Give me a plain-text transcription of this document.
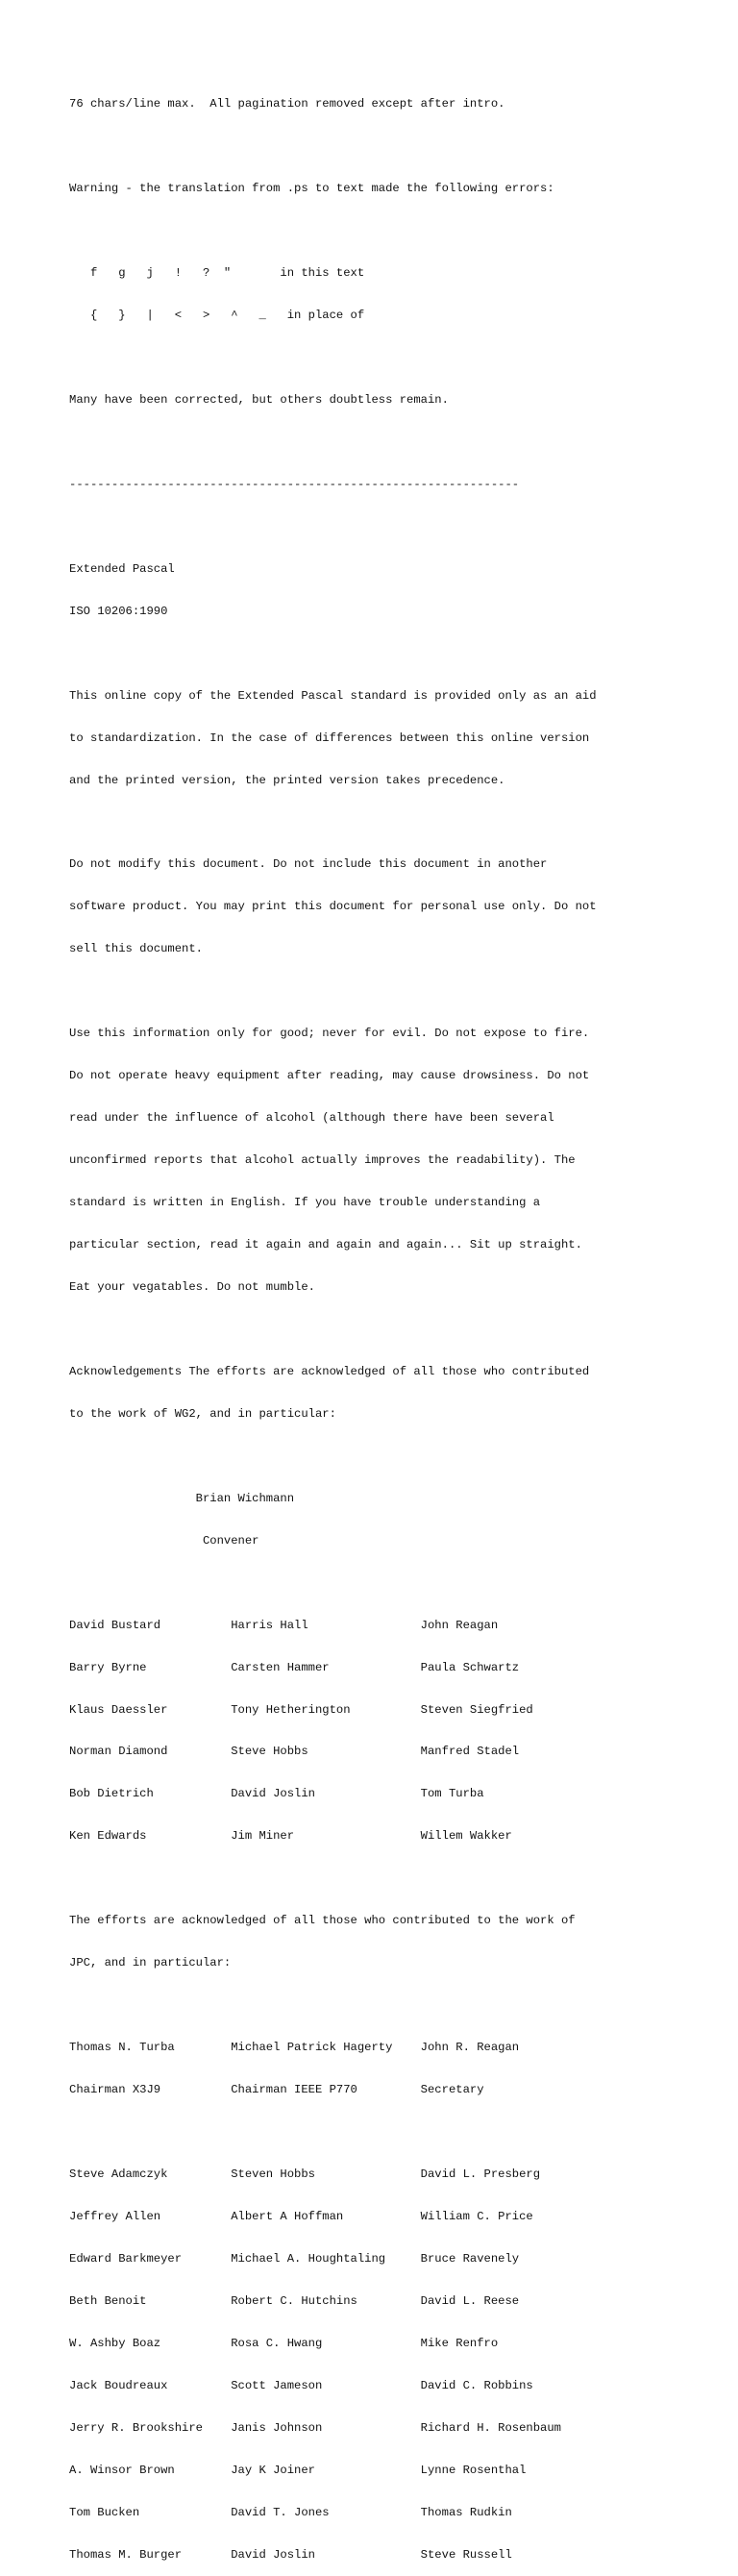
76 chars/line max.  All pagination removed except after intro.

Warning - the translation from .ps to text made the following errors:

f   g   j   !   ?  "       in this text

{   }   |   <   >   ^   _   in place of

Many have been corrected, but others doubtless remain.

----------------------------------------------------------------

Extended Pascal

ISO 10206:1990

This online copy of the Extended Pascal standard is provided only as an aid

to standardization. In the case of differences between this online version

and the printed version, the printed version takes precedence.

Do not modify this document. Do not include this document in another

software product. You may print this document for personal use only. Do not

sell this document.

Use this information only for good; never for evil. Do not expose to fire.

Do not operate heavy equipment after reading, may cause drowsiness. Do not

read under the influence of alcohol (although there have been several

unconfirmed reports that alcohol actually improves the readability). The

standard is written in English. If you have trouble understanding a

particular section, read it again and again and again... Sit up straight.

Eat your vegatables. Do not mumble.

Acknowledgements The efforts are acknowledged of all those who contributed

to the work of WG2, and in particular:

Brian Wichmann

Convener

David Bustard          Harris Hall                John Reagan

Barry Byrne            Carsten Hammer             Paula Schwartz

Klaus Daessler         Tony Hetherington          Steven Siegfried

Norman Diamond         Steve Hobbs                Manfred Stadel

Bob Dietrich           David Joslin               Tom Turba

Ken Edwards            Jim Miner                  Willem Wakker

The efforts are acknowledged of all those who contributed to the work of

JPC, and in particular:

Thomas N. Turba        Michael Patrick Hagerty    John R. Reagan

Chairman X3J9          Chairman IEEE P770         Secretary

Steve Adamczyk         Steven Hobbs               David L. Presberg

Jeffrey Allen          Albert A Hoffman           William C. Price

Edward Barkmeyer       Michael A. Houghtaling     Bruce Ravenely

Beth Benoit            Robert C. Hutchins         David L. Reese

W. Ashby Boaz          Rosa C. Hwang              Mike Renfro

Jack Boudreaux         Scott Jameson              David C. Robbins

Jerry R. Brookshire    Janis Johnson              Richard H. Rosenbaum

A. Winsor Brown        Jay K Joiner               Lynne Rosenthal

Tom Bucken             David T. Jones             Thomas Rudkin

Thomas M. Burger       David Joslin               Steve Russell
